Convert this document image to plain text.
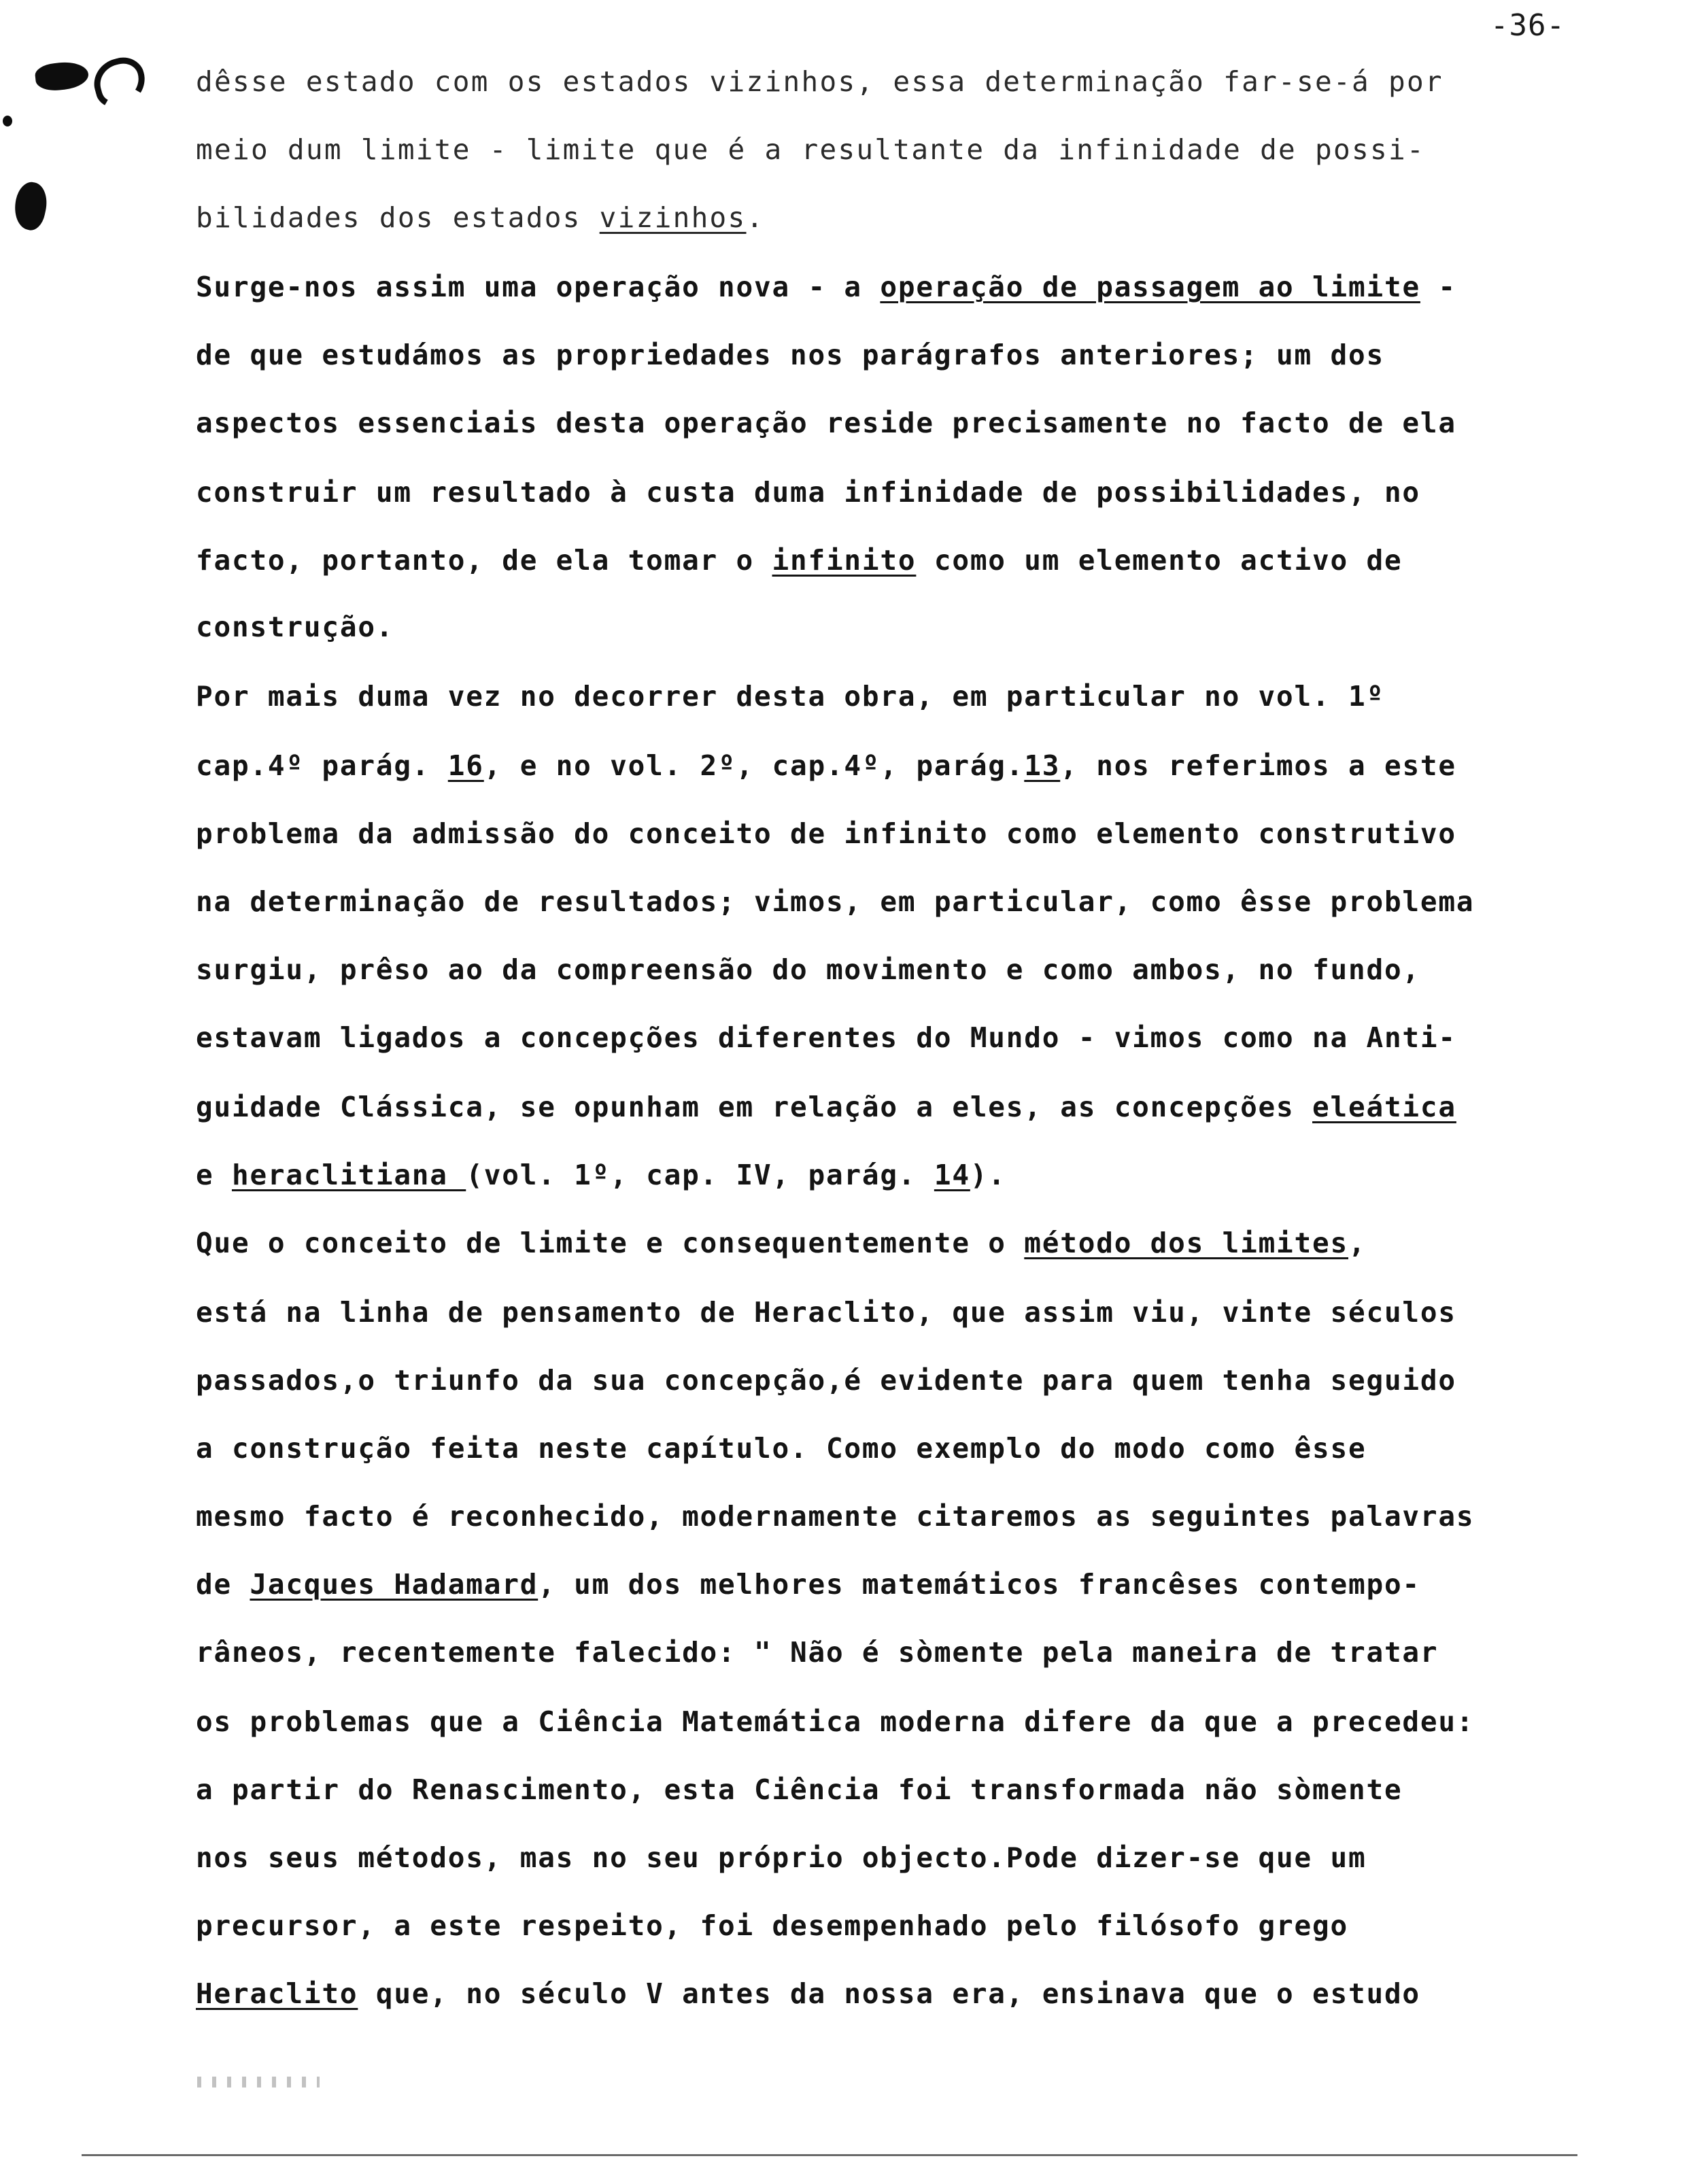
-36-
dêsse estado com os estados vizinhos, essa determinação far-se-á por
meio dum limite - limite que é a resultante da infinidade de possi-
bilidades dos estados vizinhos.
Surge-nos assim uma operação nova - a operação de passagem ao limite -
de que estudámos as propriedades nos parágrafos anteriores; um dos
aspectos essenciais desta operação reside precisamente no facto de ela
construir um resultado à custa duma infinidade de possibilidades, no
facto, portanto, de ela tomar o infinito como um elemento activo de
construção.
Por mais duma vez no decorrer desta obra, em particular no vol. 1º
cap.4º parág. 16, e no vol. 2º, cap.4º, parág.13, nos referimos a este
problema da admissão do conceito de infinito como elemento construtivo
na determinação de resultados; vimos, em particular, como êsse problema
surgiu, prêso ao da compreensão do movimento e como ambos, no fundo,
estavam ligados a concepções diferentes do Mundo - vimos como na Anti-
guidade Clássica, se opunham em relação a eles, as concepções eleática
e heraclitiana (vol. 1º, cap. IV, parág. 14).
Que o conceito de limite e consequentemente o método dos limites,
está na linha de pensamento de Heraclito, que assim viu, vinte séculos
passados,o triunfo da sua concepção,é evidente para quem tenha seguido
a construção feita neste capítulo. Como exemplo do modo como êsse
mesmo facto é reconhecido, modernamente citaremos as seguintes palavras
de Jacques Hadamard, um dos melhores matemáticos francêses contempo-
râneos, recentemente falecido: " Não é sòmente pela maneira de tratar
os problemas que a Ciência Matemática moderna difere da que a precedeu:
a partir do Renascimento, esta Ciência foi transformada não sòmente
nos seus métodos, mas no seu próprio objecto.Pode dizer-se que um
precursor, a este respeito, foi desempenhado pelo filósofo grego
Heraclito que, no século V antes da nossa era, ensinava que o estudo
